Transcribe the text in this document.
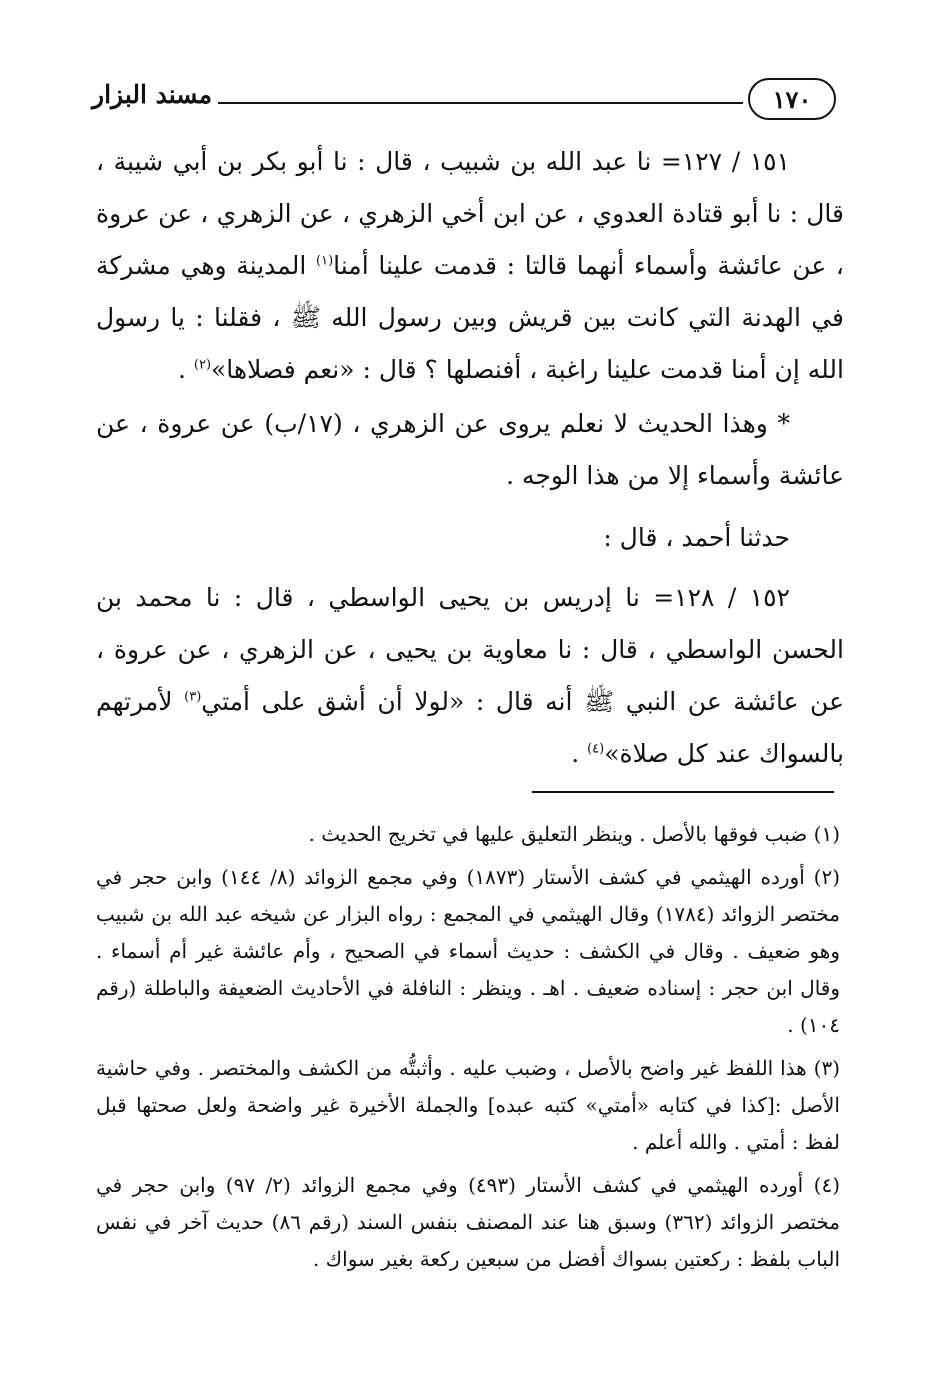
١٧٠
مسند البزار

١٥١ / ١٢٧= نا عبد الله بن شبيب ، قال : نا أبو بكر بن أبي شيبة ، قال : نا أبو قتادة العدوي ، عن ابن أخي الزهري ، عن الزهري ، عن عروة ، عن عائشة وأسماء أنهما قالتا : قدمت علينا أمنا$^{(١)}$ المدينة وهي مشركة في الهدنة التي كانت بين قريش وبين رسول الله ﷺ ، فقلنا : يا رسول الله إن أمنا قدمت علينا راغبة ، أفنصلها ؟ قال : «نعم فصلاها»$^{(٢)}$ .

* وهذا الحديث لا نعلم يروى عن الزهري ، (١٧/ب) عن عروة ، عن عائشة وأسماء إلا من هذا الوجه .

حدثنا أحمد ، قال :

١٥٢ / ١٢٨= نا إدريس بن يحيى الواسطي ، قال : نا محمد بن الحسن الواسطي ، قال : نا معاوية بن يحيى ، عن الزهري ، عن عروة ، عن عائشة عن النبي ﷺ أنه قال : «لولا أن أشق على أمتي$^{(٣)}$ لأمرتهم بالسواك عند كل صلاة»$^{(٤)}$ .

(١) ضبب فوقها بالأصل . وينظر التعليق عليها في تخريج الحديث .

(٢) أورده الهيثمي في كشف الأستار (١٨٧٣) وفي مجمع الزوائد (٨/ ١٤٤) وابن حجر في مختصر الزوائد (١٧٨٤) وقال الهيثمي في المجمع : رواه البزار عن شيخه عبد الله بن شبيب وهو ضعيف . وقال في الكشف : حديث أسماء في الصحيح ، وأم عائشة غير أم أسماء . وقال ابن حجر : إسناده ضعيف . اهـ . وينظر : النافلة في الأحاديث الضعيفة والباطلة (رقم ١٠٤) .

(٣) هذا اللفظ غير واضح بالأصل ، وضبب عليه . وأثبتُّه من الكشف والمختصر . وفي حاشية الأصل :[كذا في كتابه «أمتي» كتبه عبده] والجملة الأخيرة غير واضحة ولعل صحتها قبل لفظ : أمتي . والله أعلم .

(٤) أورده الهيثمي في كشف الأستار (٤٩٣) وفي مجمع الزوائد (٢/ ٩٧) وابن حجر في مختصر الزوائد (٣٦٢) وسبق هنا عند المصنف بنفس السند (رقم ٨٦) حديث آخر في نفس الباب بلفظ : ركعتين بسواك أفضل من سبعين ركعة بغير سواك .
